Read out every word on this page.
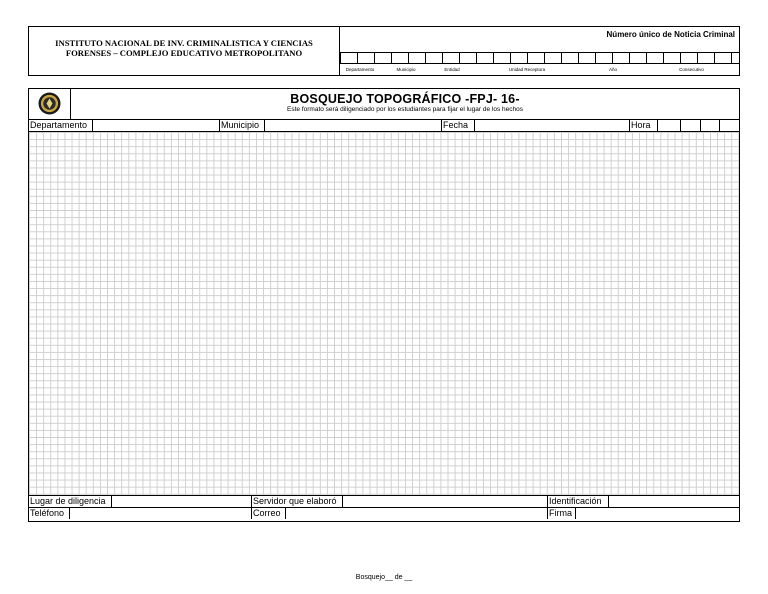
INSTITUTO NACIONAL DE INV. CRIMINALISTICA Y CIENCIAS
FORENSES – COMPLEJO EDUCATIVO METROPOLITANO
Número único de Noticia Criminal
Departamento	Municipio	Entidad	Unidad Receptora	Año	Consecutivo
BOSQUEJO TOPOGRÁFICO -FPJ- 16-
Este formato será diligenciado por los estudiantes para fijar el lugar de los hechos
Departamento	Municipio	Fecha	Hora
Lugar de diligencia	Servidor que elaboró	Identificación
Teléfono	Correo	Firma
Bosquejo__ de __
